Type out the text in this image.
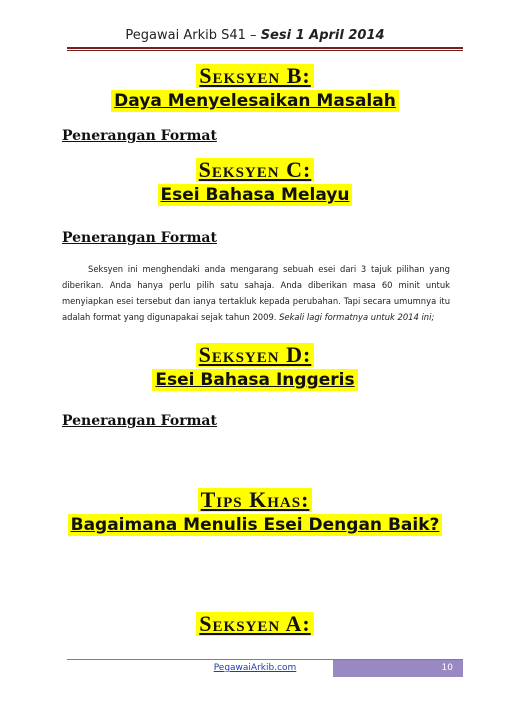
Pegawai Arkib S41 – Sesi 1 April 2014
Seksyen B:
Daya Menyelesaikan Masalah
Penerangan Format
Seksyen C:
Esei Bahasa Melayu
Penerangan Format
Seksyen ini menghendaki anda mengarang sebuah esei dari 3 tajuk pilihan yang diberikan. Anda hanya perlu pilih satu sahaja. Anda diberikan masa 60 minit untuk menyiapkan esei tersebut dan ianya tertakluk kepada perubahan. Tapi secara umumnya itu adalah format yang digunapakai sejak tahun 2009. Sekali lagi formatnya untuk 2014 ini;
Seksyen D:
Esei Bahasa Inggeris
Penerangan Format
Tips Khas:
Bagaimana Menulis Esei Dengan Baik?
Seksyen A:
PegawaiArkib.com	10
